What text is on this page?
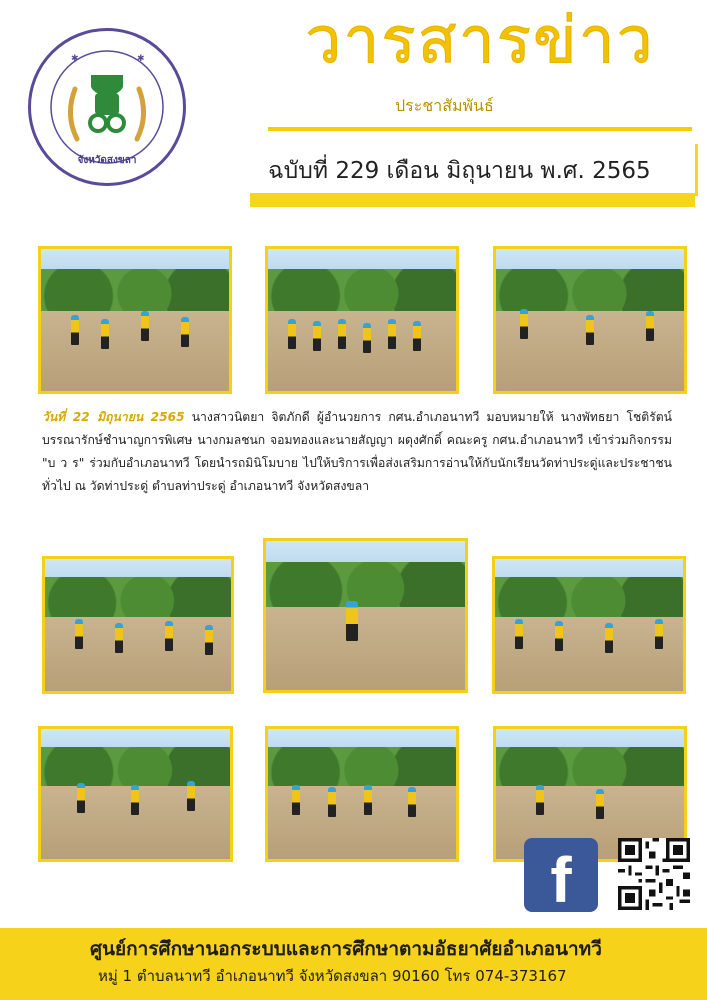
✱	✱
จังหวัดสงขลา
วารสารข่าว
ประชาสัมพันธ์
ฉบับที่ 229 เดือน มิถุนายน พ.ศ. 2565
วันที่ 22 มิถุนายน 2565 นางสาวนิตยา จิตภักดี ผู้อำนวยการ กศน.อำเภอนาทวี มอบหมายให้ นางพัทธยา โชติรัตน์ บรรณารักษ์ชำนาญการพิเศษ นางกมลชนก จอมทองและนายสัญญา ผดุงศักดิ์ คณะครู กศน.อำเภอนาทวี เข้าร่วมกิจกรรม "บ ว ร" ร่วมกับอำเภอนาทวี โดยนำรถมินิโมบาย ไปให้บริการเพื่อส่งเสริมการอ่านให้กับนักเรียนวัดท่าประดู่และประชาชนทั่วไป ณ วัดท่าประดู่ ตำบลท่าประดู่ อำเภอนาทวี จังหวัดสงขลา
f
ศูนย์การศึกษานอกระบบและการศึกษาตามอัธยาศัยอำเภอนาทวี
หมู่ 1 ตำบลนาทวี อำเภอนาทวี จังหวัดสงขลา 90160 โทร 074-373167
